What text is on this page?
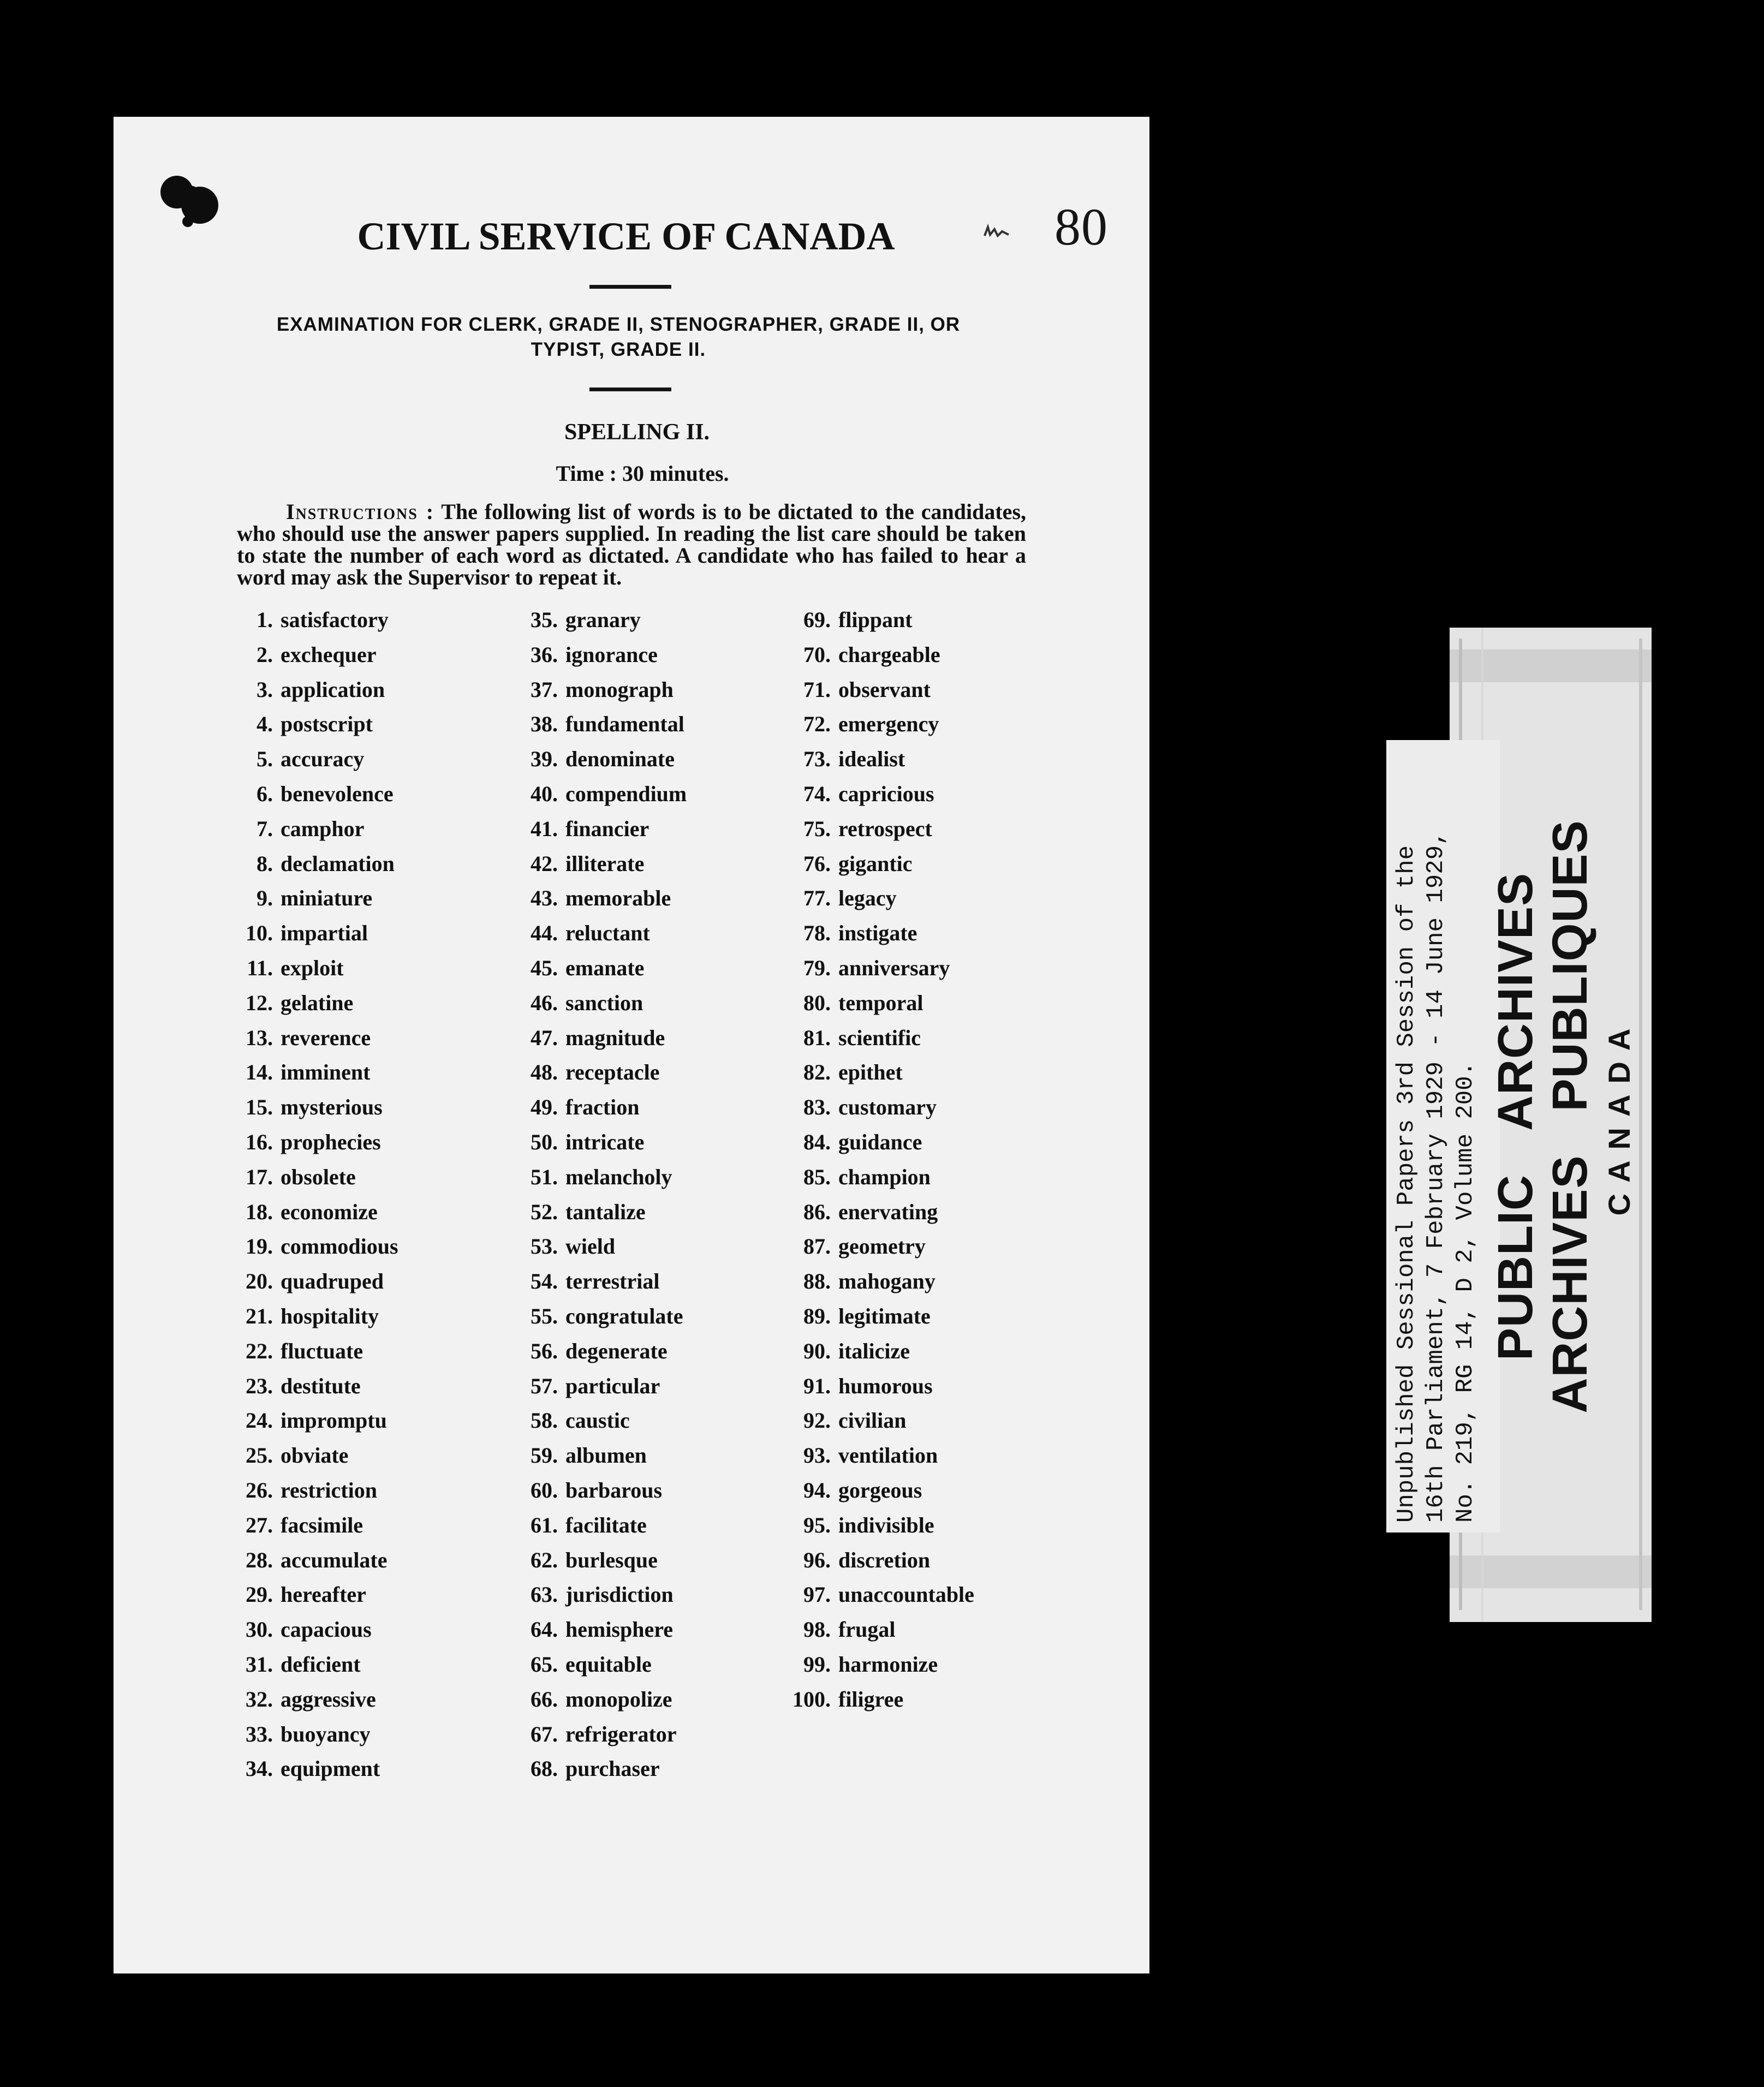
80
CIVIL SERVICE OF CANADA
EXAMINATION FOR CLERK, GRADE II, STENOGRAPHER, GRADE II, OR
TYPIST, GRADE II.
SPELLING II.
Time : 30 minutes.
Instructions : The following list of words is to be dictated to the candidates, who should use the answer papers supplied. In reading the list care should be taken to state the number of each word as dictated. A candidate who has failed to hear a word may ask the Supervisor to repeat it.
1. satisfactory
2. exchequer
3. application
4. postscript
5. accuracy
6. benevolence
7. camphor
8. declamation
9. miniature
10. impartial
11. exploit
12. gelatine
13. reverence
14. imminent
15. mysterious
16. prophecies
17. obsolete
18. economize
19. commodious
20. quadruped
21. hospitality
22. fluctuate
23. destitute
24. impromptu
25. obviate
26. restriction
27. facsimile
28. accumulate
29. hereafter
30. capacious
31. deficient
32. aggressive
33. buoyancy
34. equipment
35. granary
36. ignorance
37. monograph
38. fundamental
39. denominate
40. compendium
41. financier
42. illiterate
43. memorable
44. reluctant
45. emanate
46. sanction
47. magnitude
48. receptacle
49. fraction
50. intricate
51. melancholy
52. tantalize
53. wield
54. terrestrial
55. congratulate
56. degenerate
57. particular
58. caustic
59. albumen
60. barbarous
61. facilitate
62. burlesque
63. jurisdiction
64. hemisphere
65. equitable
66. monopolize
67. refrigerator
68. purchaser
69. flippant
70. chargeable
71. observant
72. emergency
73. idealist
74. capricious
75. retrospect
76. gigantic
77. legacy
78. instigate
79. anniversary
80. temporal
81. scientific
82. epithet
83. customary
84. guidance
85. champion
86. enervating
87. geometry
88. mahogany
89. legitimate
90. italicize
91. humorous
92. civilian
93. ventilation
94. gorgeous
95. indivisible
96. discretion
97. unaccountable
98. frugal
99. harmonize
100. filigree
Unpublished Sessional Papers 3rd Session of the 16th Parliament, 7 February 1929 - 14 June 1929, No. 219, RG 14, D 2, Volume 200. PUBLICARCHIVES
ARCHIVESPUBLIQUES
CANADA
